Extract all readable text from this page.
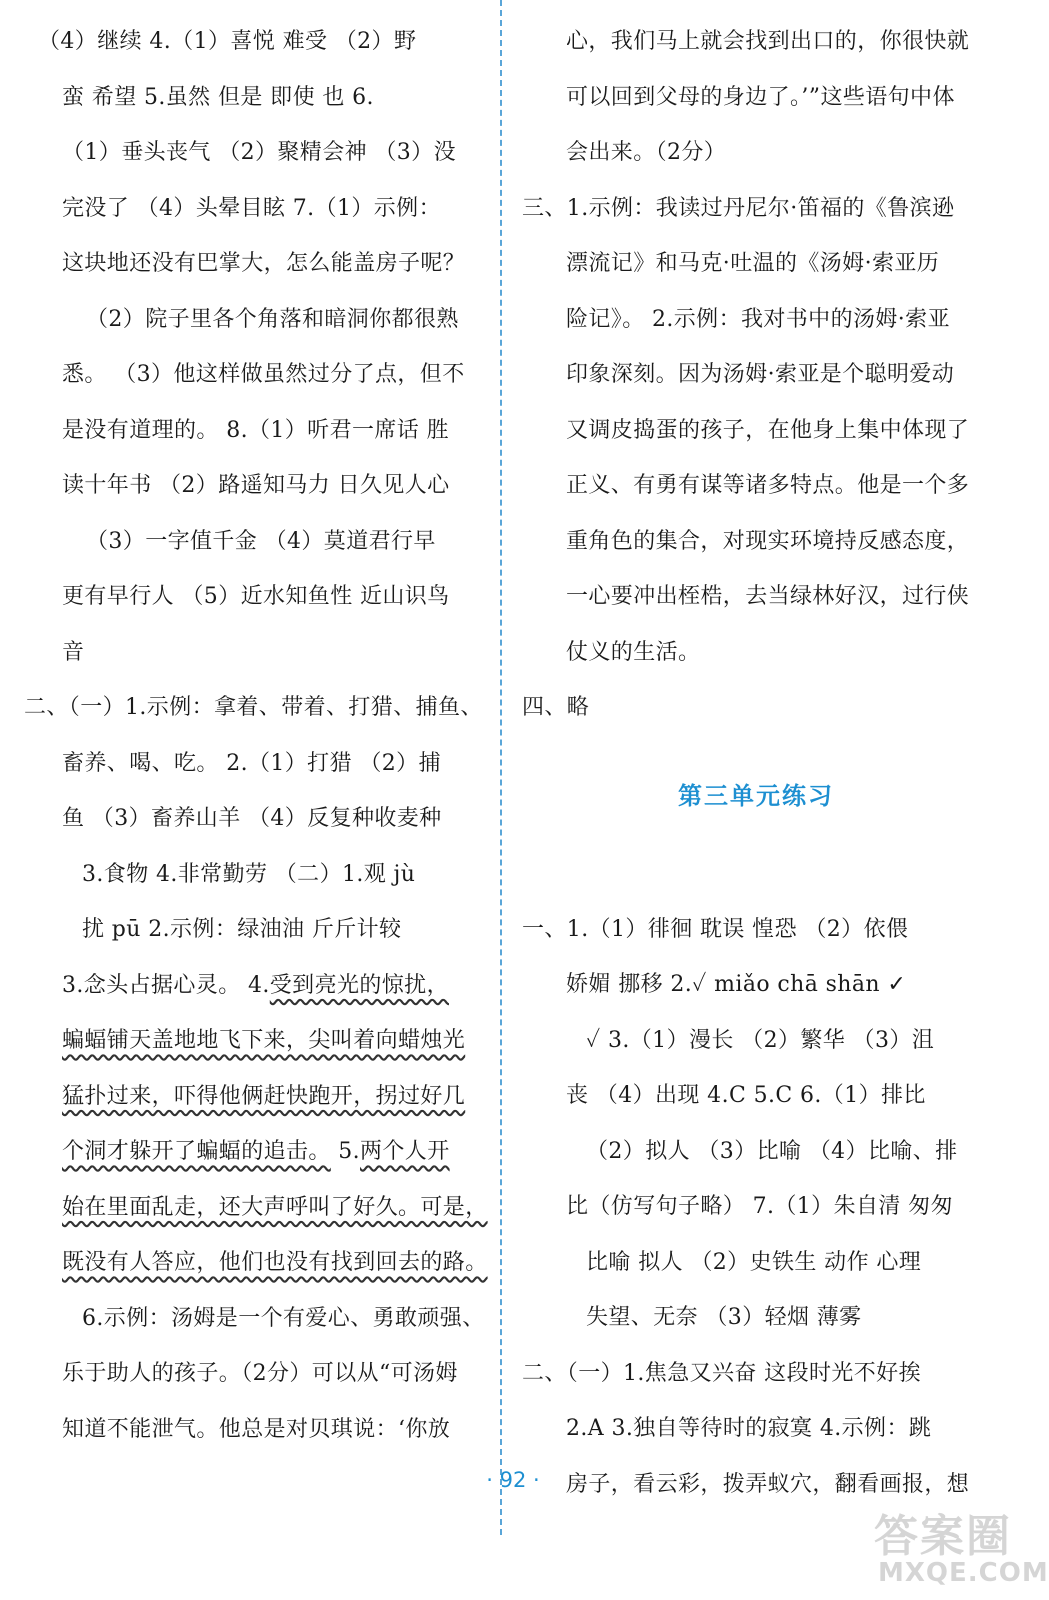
（4）继续 4.（1）喜悦 难受 （2）野
蛮 希望 5.虽然 但是 即使 也 6.
（1）垂头丧气 （2）聚精会神 （3）没
完没了 （4）头晕目眩 7.（1）示例：
这块地还没有巴掌大，怎么能盖房子呢？
（2）院子里各个角落和暗洞你都很熟
悉。 （3）他这样做虽然过分了点，但不
是没有道理的。 8.（1）听君一席话 胜
读十年书 （2）路遥知马力 日久见人心
（3）一字值千金 （4）莫道君行早
更有早行人 （5）近水知鱼性 近山识鸟
音
二、（一）1.示例：拿着、带着、打猎、捕鱼、
畜养、喝、吃。 2.（1）打猎 （2）捕
鱼 （3）畜养山羊 （4）反复种收麦种
3.食物 4.非常勤劳 （二）1.观 jù
扰 pū 2.示例：绿油油 斤斤计较
3.念头占据心灵。 4.受到亮光的惊扰，
蝙蝠铺天盖地地飞下来，尖叫着向蜡烛光
猛扑过来，吓得他俩赶快跑开，拐过好几
个洞才躲开了蝙蝠的追击。 5.两个人开
始在里面乱走，还大声呼叫了好久。可是，
既没有人答应，他们也没有找到回去的路。
6.示例：汤姆是一个有爱心、勇敢顽强、
乐于助人的孩子。（2分）可以从“可汤姆
知道不能泄气。他总是对贝琪说：‘你放
心，我们马上就会找到出口的，你很快就
可以回到父母的身边了。’”这些语句中体
会出来。（2分）
三、1.示例：我读过丹尼尔·笛福的《鲁滨逊
漂流记》和马克·吐温的《汤姆·索亚历
险记》。 2.示例：我对书中的汤姆·索亚
印象深刻。因为汤姆·索亚是个聪明爱动
又调皮捣蛋的孩子，在他身上集中体现了
正义、有勇有谋等诸多特点。他是一个多
重角色的集合，对现实环境持反感态度，
一心要冲出桎梏，去当绿林好汉，过行侠
仗义的生活。
四、略
第三单元练习
一、1.（1）徘徊 耽误 惶恐 （2）依偎
娇媚 挪移 2.✓ miǎo chā shān ✓
✓ 3.（1）漫长 （2）繁华 （3）沮
丧 （4）出现 4.C 5.C 6.（1）排比
（2）拟人 （3）比喻 （4）比喻、排
比（仿写句子略） 7.（1）朱自清 匆匆
比喻 拟人 （2）史铁生 动作 心理
失望、无奈 （3）轻烟 薄雾
二、（一）1.焦急又兴奋 这段时光不好挨
2.A 3.独自等待时的寂寞 4.示例：跳
房子，看云彩，拨弄蚁穴，翻看画报，想
· 92 ·
答案圈
MXQE.COM
